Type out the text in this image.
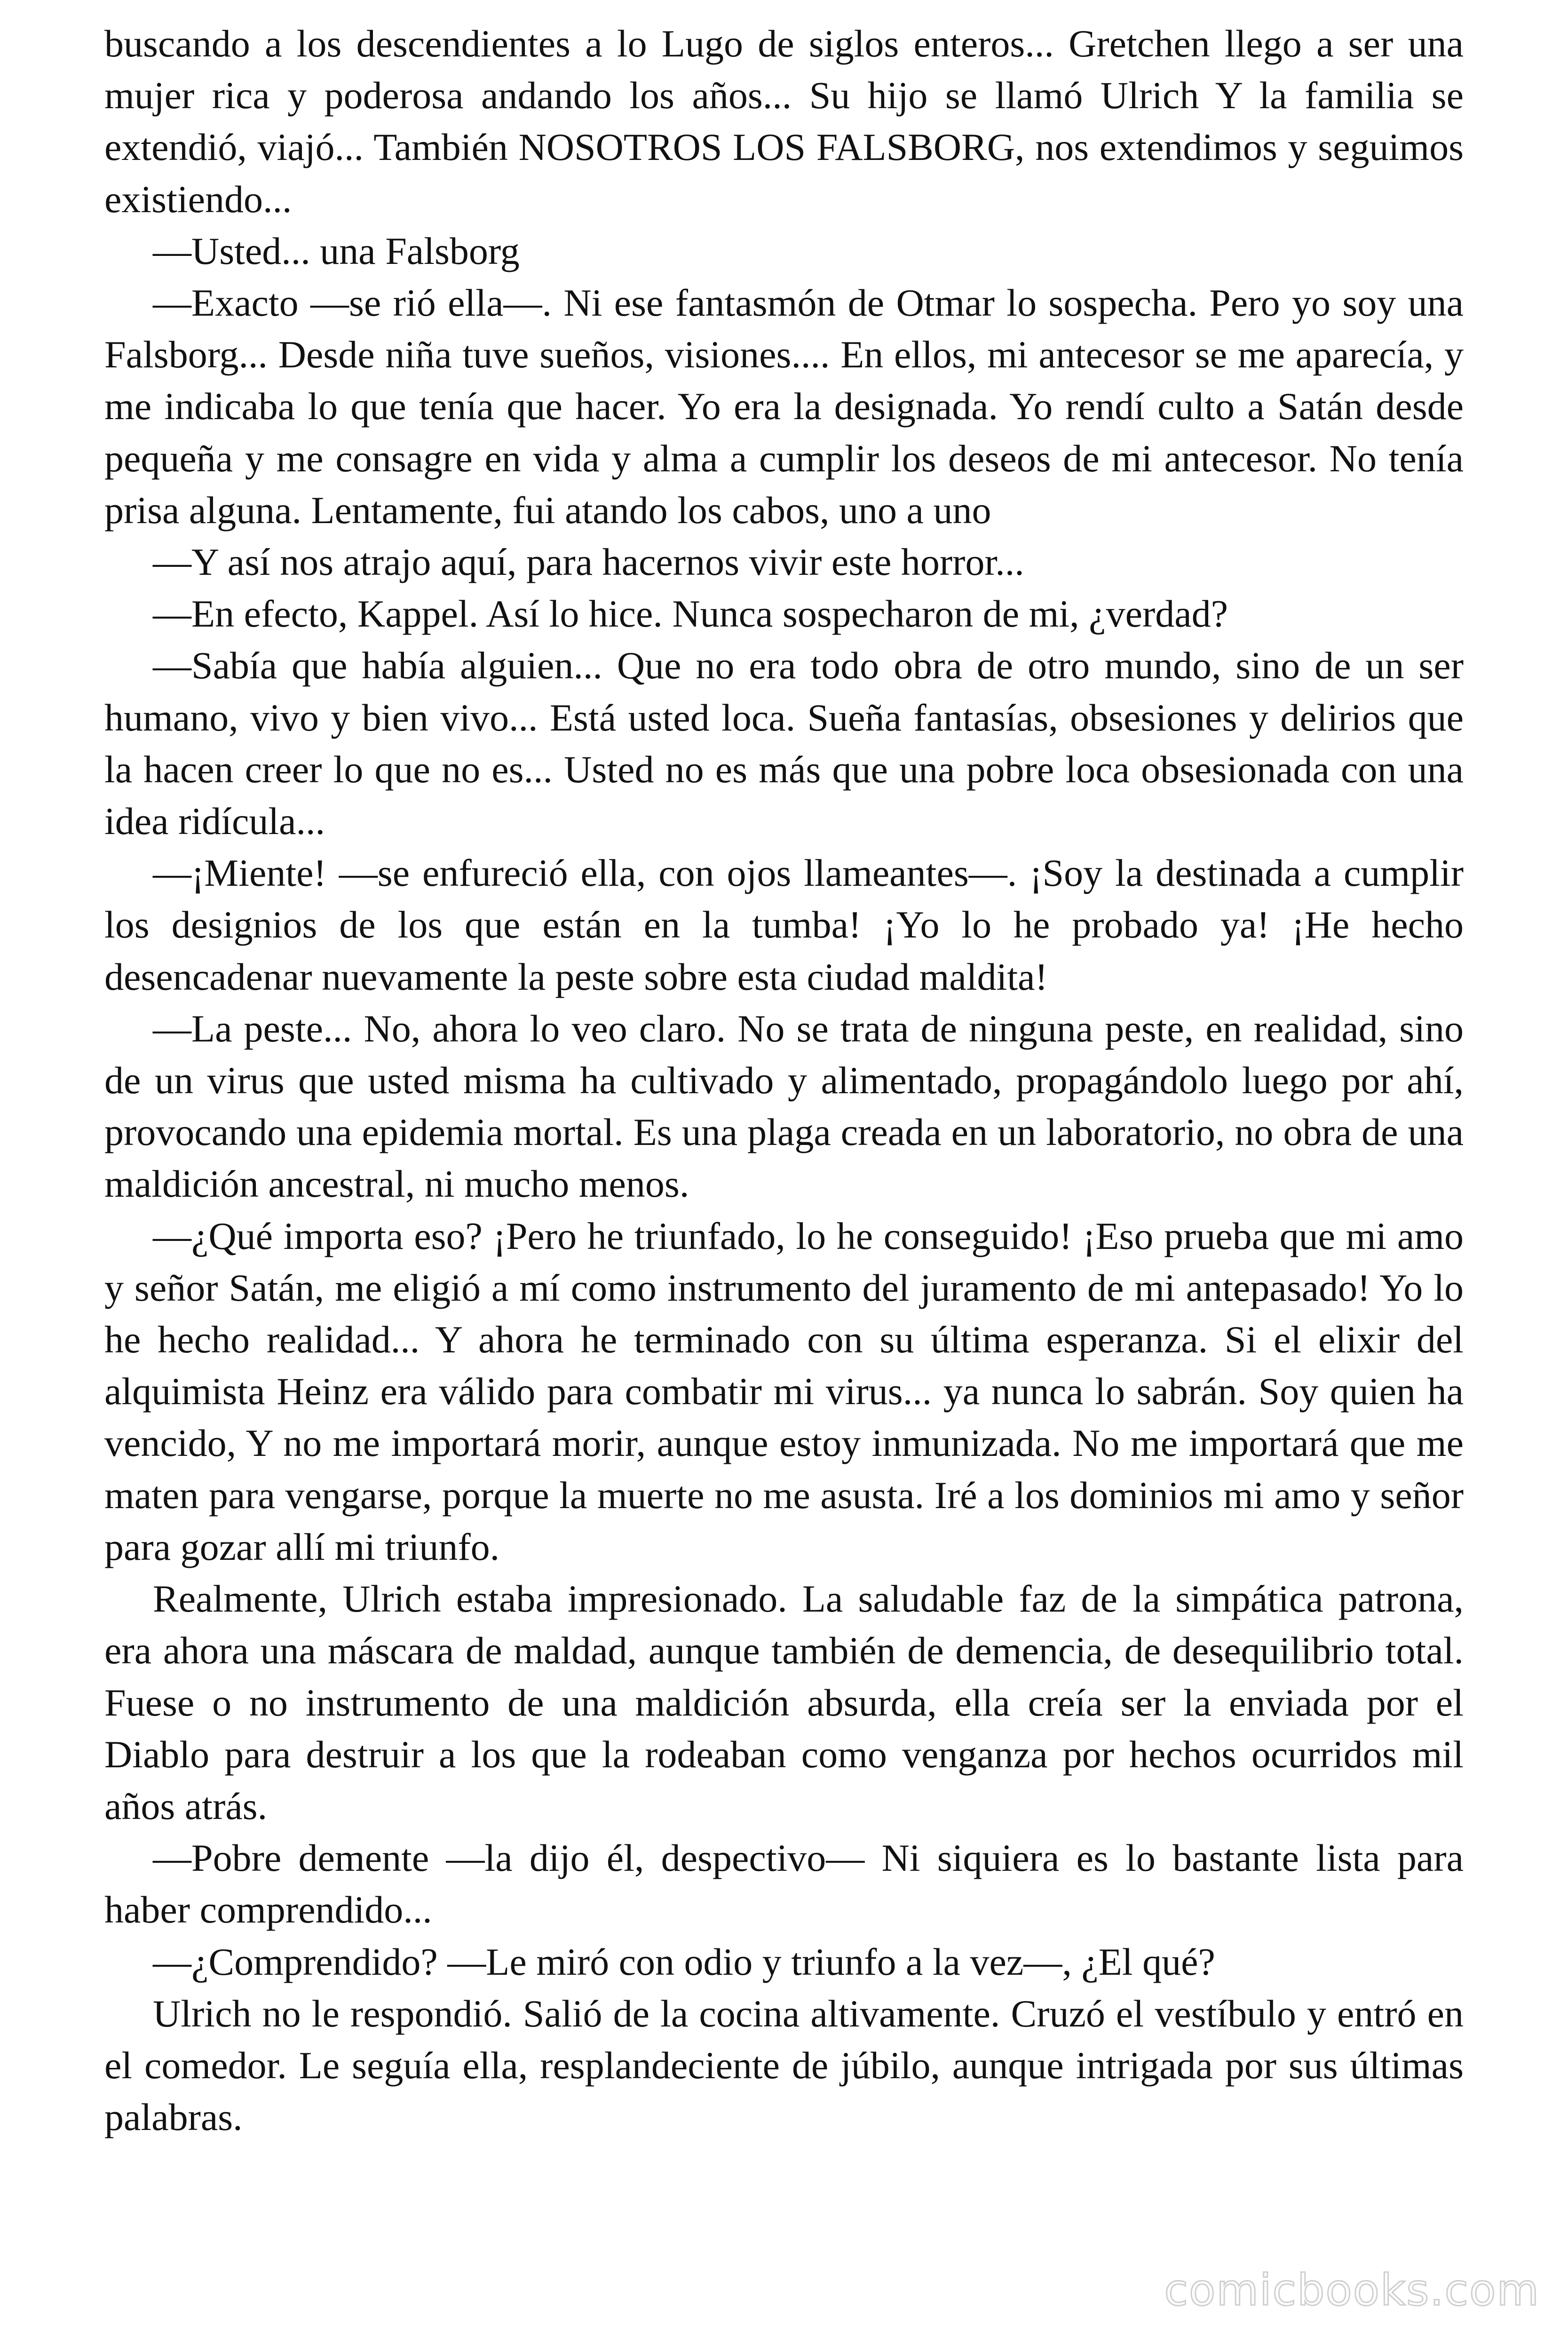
buscando a los descendientes a lo Lugo de siglos enteros... Gretchen llego a ser una mujer rica y poderosa andando los años... Su hijo se llamó Ulrich Y la familia se extendió, viajó... También NOSOTROS LOS FALSBORG, nos extendimos y seguimos existiendo...

—Usted... una Falsborg

—Exacto —se rió ella—. Ni ese fantasmón de Otmar lo sospecha. Pero yo soy una Falsborg... Desde niña tuve sueños, visiones.... En ellos, mi antecesor se me aparecía, y me indicaba lo que tenía que hacer. Yo era la designada. Yo rendí culto a Satán desde pequeña y me consagre en vida y alma a cumplir los deseos de mi antecesor. No tenía prisa alguna. Lentamente, fui atando los cabos, uno a uno

—Y así nos atrajo aquí, para hacernos vivir este horror...

—En efecto, Kappel. Así lo hice. Nunca sospecharon de mi, ¿verdad?

—Sabía que había alguien... Que no era todo obra de otro mundo, sino de un ser humano, vivo y bien vivo... Está usted loca. Sueña fantasías, obsesiones y delirios que la hacen creer lo que no es... Usted no es más que una pobre loca obsesionada con una idea ridícula...

—¡Miente! —se enfureció ella, con ojos llameantes—. ¡Soy la destinada a cumplir los designios de los que están en la tumba! ¡Yo lo he probado ya! ¡He hecho desencadenar nuevamente la peste sobre esta ciudad maldita!

—La peste... No, ahora lo veo claro. No se trata de ninguna peste, en realidad, sino de un virus que usted misma ha cultivado y alimentado, propagándolo luego por ahí, provocando una epidemia mortal. Es una plaga creada en un laboratorio, no obra de una maldición ancestral, ni mucho menos.

—¿Qué importa eso? ¡Pero he triunfado, lo he conseguido! ¡Eso prueba que mi amo y señor Satán, me eligió a mí como instrumento del juramento de mi antepasado! Yo lo he hecho realidad... Y ahora he terminado con su última esperanza. Si el elixir del alquimista Heinz era válido para combatir mi virus... ya nunca lo sabrán. Soy quien ha vencido, Y no me importará morir, aunque estoy inmunizada. No me importará que me maten para vengarse, porque la muerte no me asusta. Iré a los dominios mi amo y señor para gozar allí mi triunfo.

Realmente, Ulrich estaba impresionado. La saludable faz de la simpática patrona, era ahora una máscara de maldad, aunque también de demencia, de desequilibrio total. Fuese o no instrumento de una maldición absurda, ella creía ser la enviada por el Diablo para destruir a los que la rodeaban como venganza por hechos ocurridos mil años atrás.

—Pobre demente —la dijo él, despectivo— Ni siquiera es lo bastante lista para haber comprendido...

—¿Comprendido? —Le miró con odio y triunfo a la vez—, ¿El qué?

Ulrich no le respondió. Salió de la cocina altivamente. Cruzó el vestíbulo y entró en el comedor. Le seguía ella, resplandeciente de júbilo, aunque intrigada por sus últimas palabras.

comicbooks.com
